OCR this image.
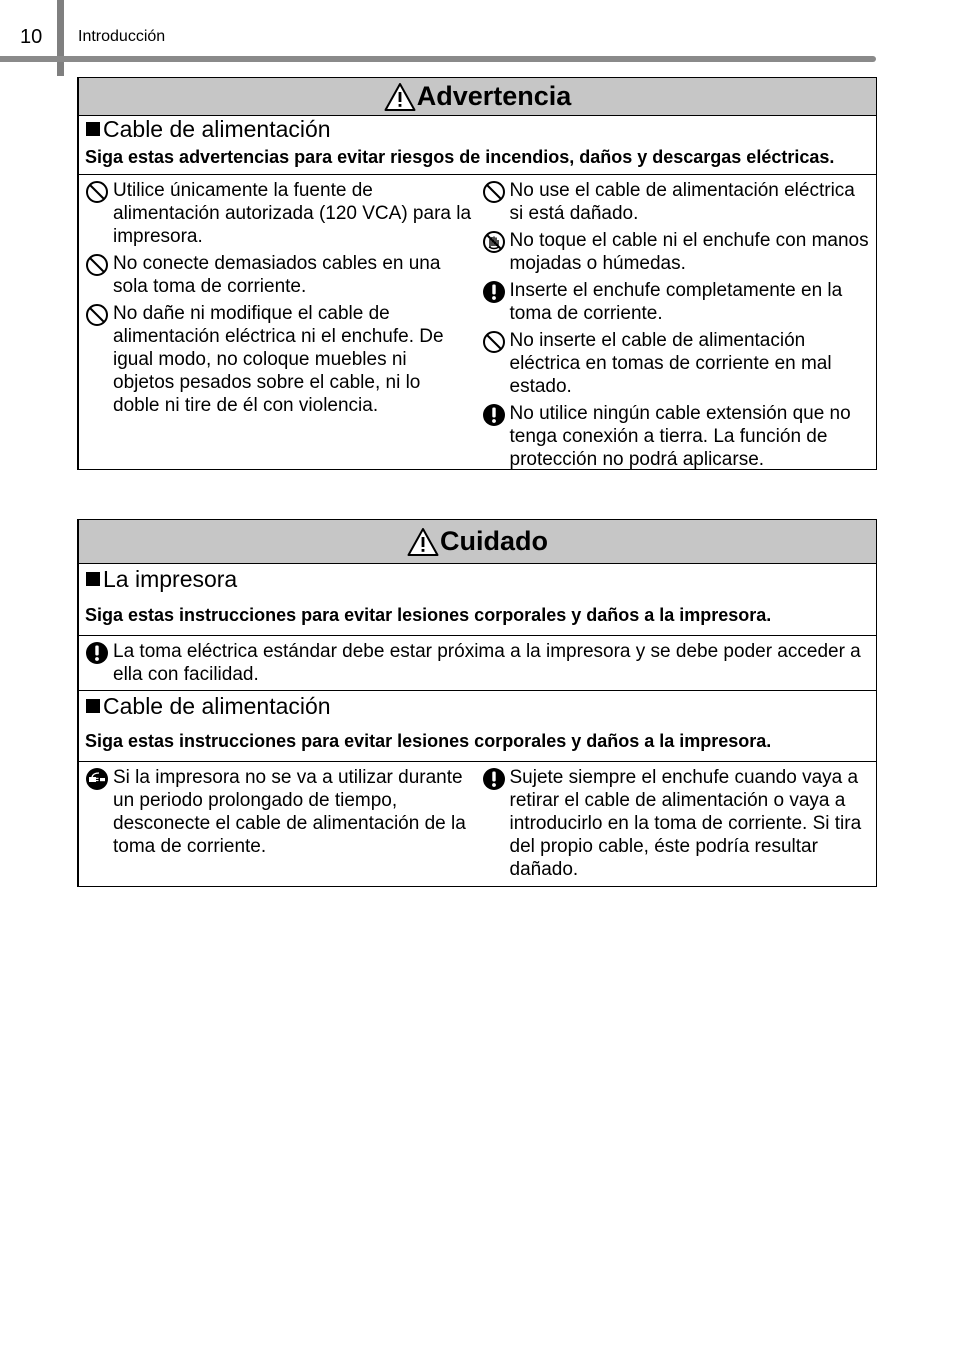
10 Introducción
Advertencia
Cable de alimentación
Siga estas advertencias para evitar riesgos de incendios, daños y descargas eléctricas.
Utilice únicamente la fuente de alimentación autorizada (120 VCA) para la impresora.
No conecte demasiados cables en una sola toma de corriente.
No dañe ni modifique el cable de alimentación eléctrica ni el enchufe. De igual modo, no coloque muebles ni objetos pesados sobre el cable, ni lo doble ni tire de él con violencia.
No use el cable de alimentación eléctrica si está dañado.
No toque el cable ni el enchufe con manos mojadas o húmedas.
Inserte el enchufe completamente en la toma de corriente.
No inserte el cable de alimentación eléctrica en tomas de corriente en mal estado.
No utilice ningún cable extensión que no tenga conexión a tierra. La función de protección no podrá aplicarse.
Cuidado
La impresora
Siga estas instrucciones para evitar lesiones corporales y daños a la impresora.
La toma eléctrica estándar debe estar próxima a la impresora y se debe poder acceder a ella con facilidad.
Cable de alimentación
Siga estas instrucciones para evitar lesiones corporales y daños a la impresora.
Si la impresora no se va a utilizar durante un periodo prolongado de tiempo, desconecte el cable de alimentación de la toma de corriente.
Sujete siempre el enchufe cuando vaya a retirar el cable de alimentación o vaya a introducirlo en la toma de corriente. Si tira del propio cable, éste podría resultar dañado.
